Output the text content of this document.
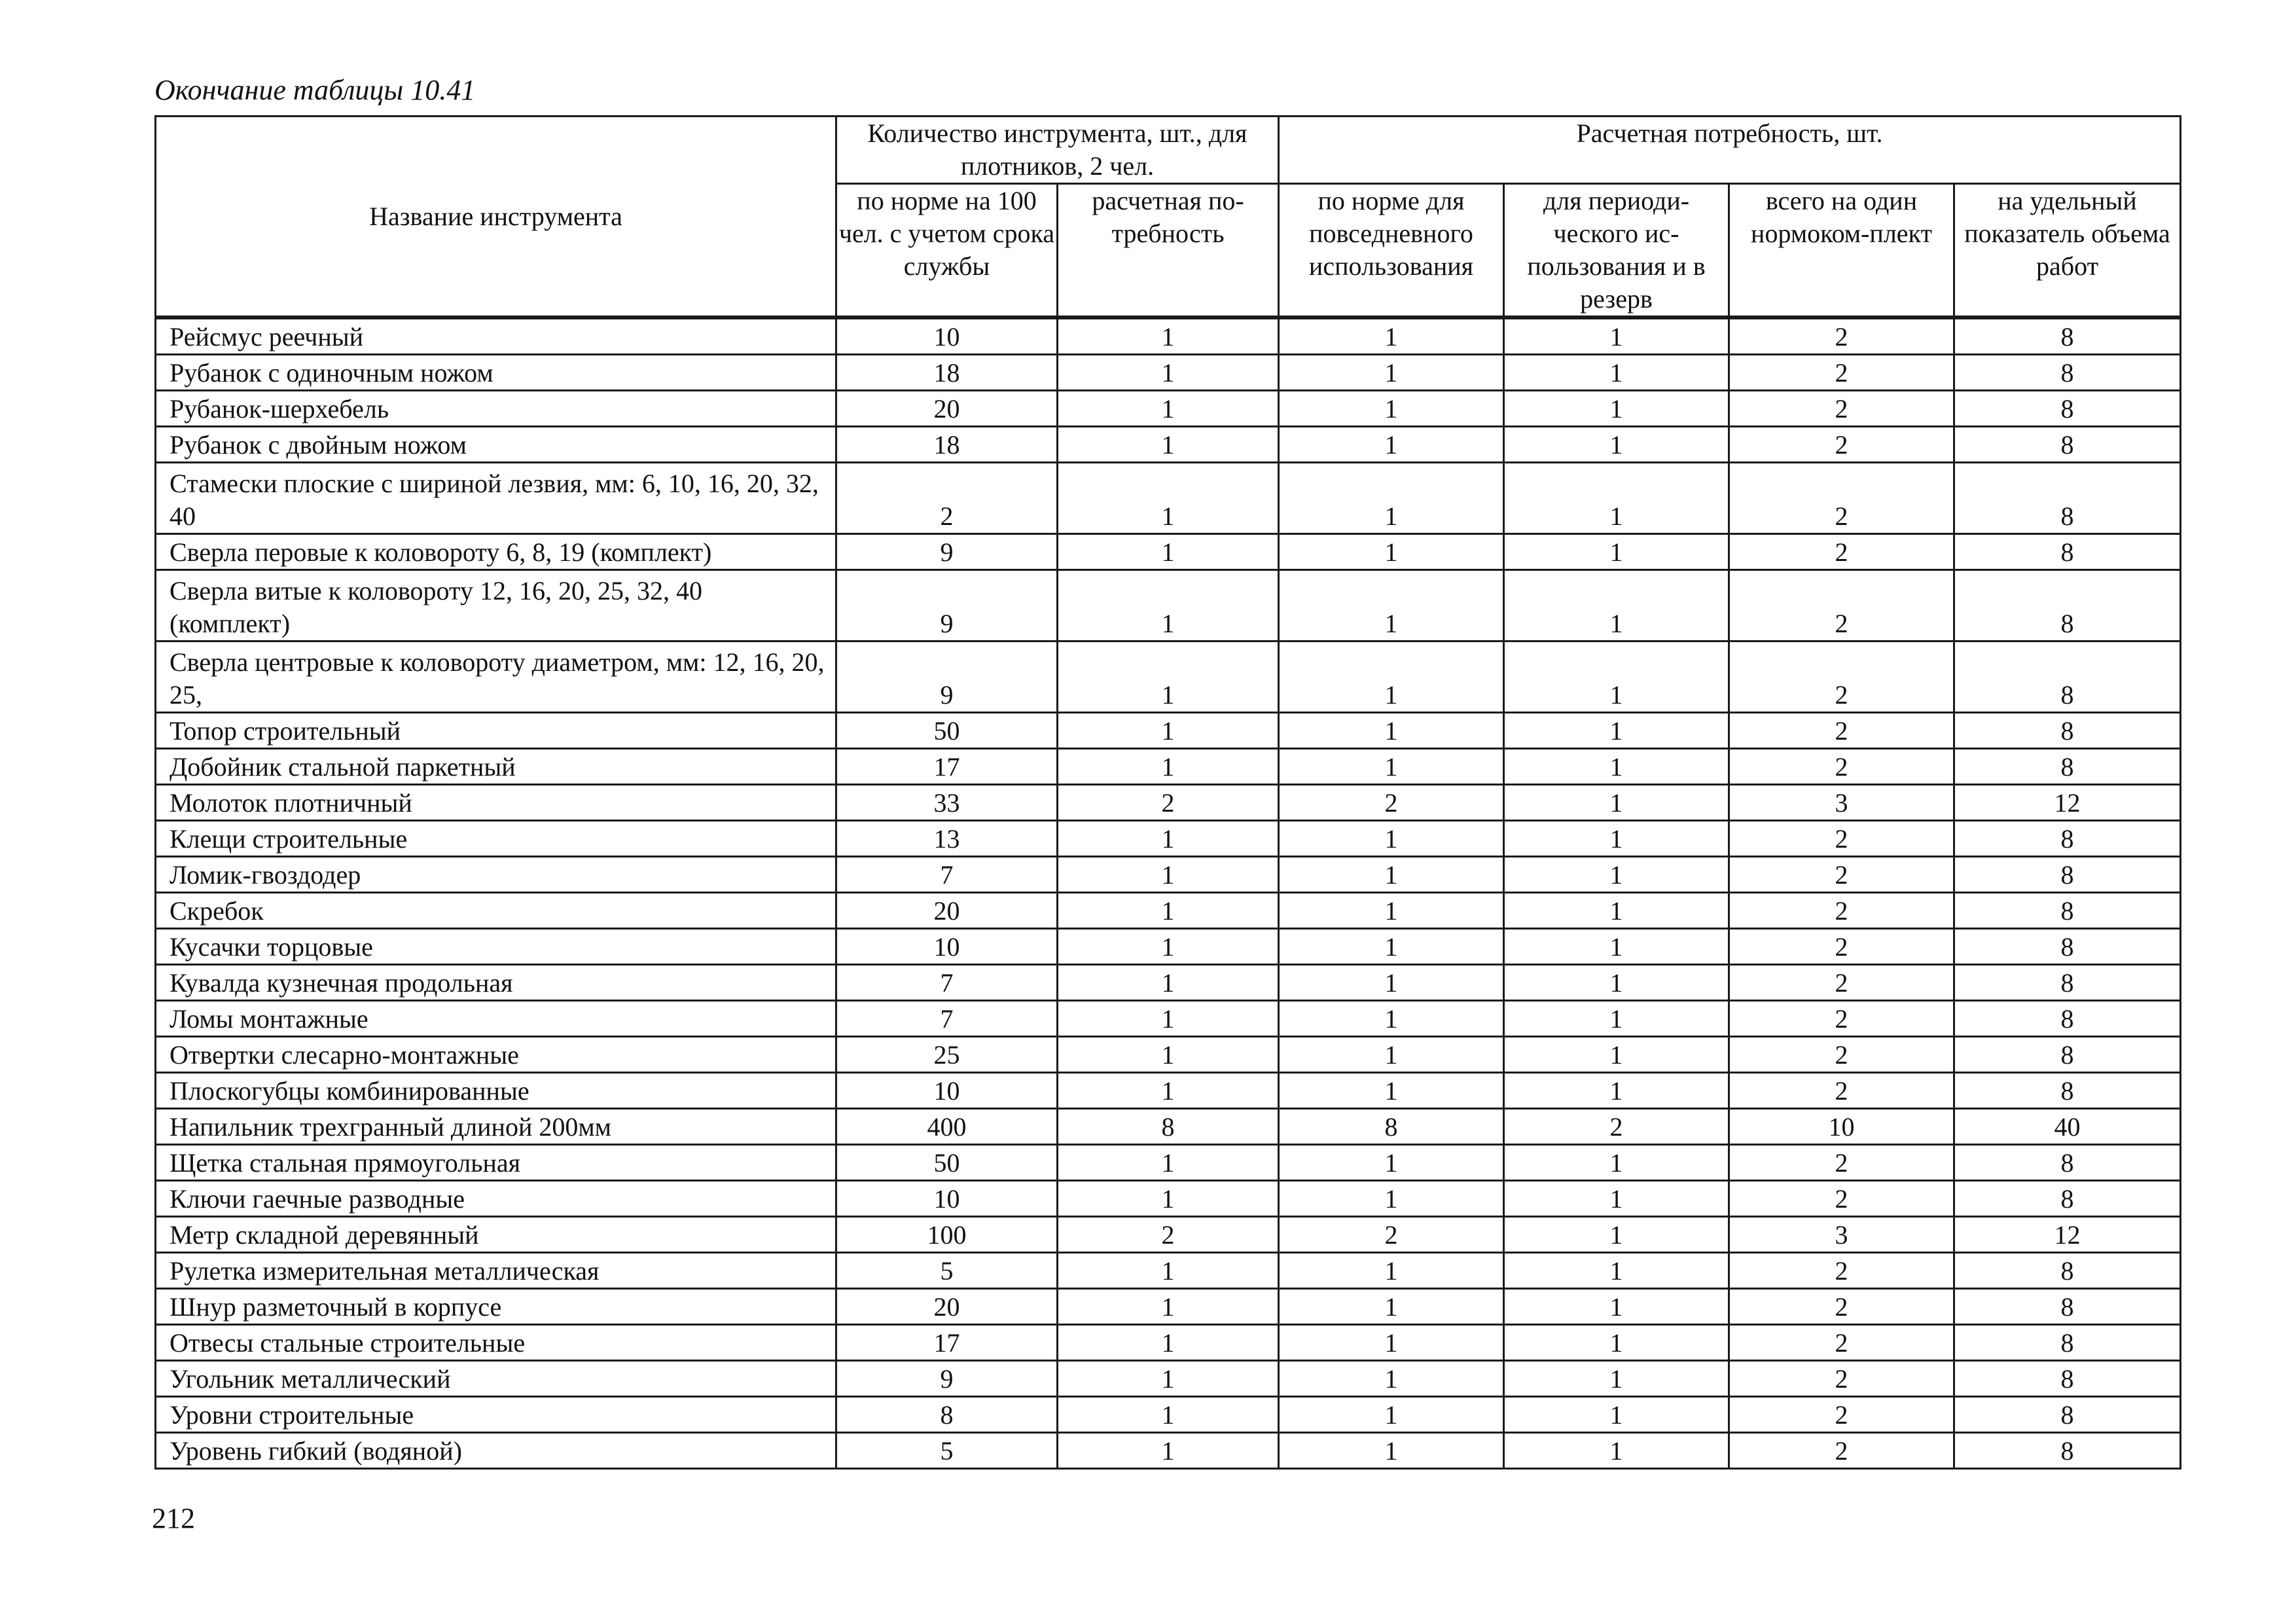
Окончание таблицы 10.41
Название инструмента	Количество инструмента, шт., для плотников, 2 чел.		Расчетная потребность, шт.			
	по норме на 100 чел. с учетом срока службы	расчетная по-требность	по норме для повседневного использования	для периоди-ческого ис-пользования и в резерв	всего на один нормоком-плект	на удельный показатель объема работ
Рейсмус реечный	10	1	1	1	2	8
Рубанок с одиночным ножом	18	1	1	1	2	8
Рубанок-шерхебель	20	1	1	1	2	8
Рубанок с двойным ножом	18	1	1	1	2	8
Стамески плоские с шириной лезвия, мм: 6, 10, 16, 20, 32, 40	2	1	1	1	2	8
Сверла перовые к коловороту 6, 8, 19 (комплект)	9	1	1	1	2	8
Сверла витые к коловороту 12, 16, 20, 25, 32, 40 (комплект)	9	1	1	1	2	8
Сверла центровые к коловороту диаметром, мм: 12, 16, 20, 25,	9	1	1	1	2	8
Топор строительный	50	1	1	1	2	8
Добойник стальной паркетный	17	1	1	1	2	8
Молоток плотничный	33	2	2	1	3	12
Клещи строительные	13	1	1	1	2	8
Ломик-гвоздодер	7	1	1	1	2	8
Скребок	20	1	1	1	2	8
Кусачки торцовые	10	1	1	1	2	8
Кувалда кузнечная продольная	7	1	1	1	2	8
Ломы монтажные	7	1	1	1	2	8
Отвертки слесарно-монтажные	25	1	1	1	2	8
Плоскогубцы комбинированные	10	1	1	1	2	8
Напильник трехгранный длиной 200мм	400	8	8	2	10	40
Щетка стальная прямоугольная	50	1	1	1	2	8
Ключи гаечные разводные	10	1	1	1	2	8
Метр складной деревянный	100	2	2	1	3	12
Рулетка измерительная металлическая	5	1	1	1	2	8
Шнур разметочный в корпусе	20	1	1	1	2	8
Отвесы стальные строительные	17	1	1	1	2	8
Угольник металлический	9	1	1	1	2	8
Уровни строительные	8	1	1	1	2	8
Уровень гибкий (водяной)	5	1	1	1	2	8
212
